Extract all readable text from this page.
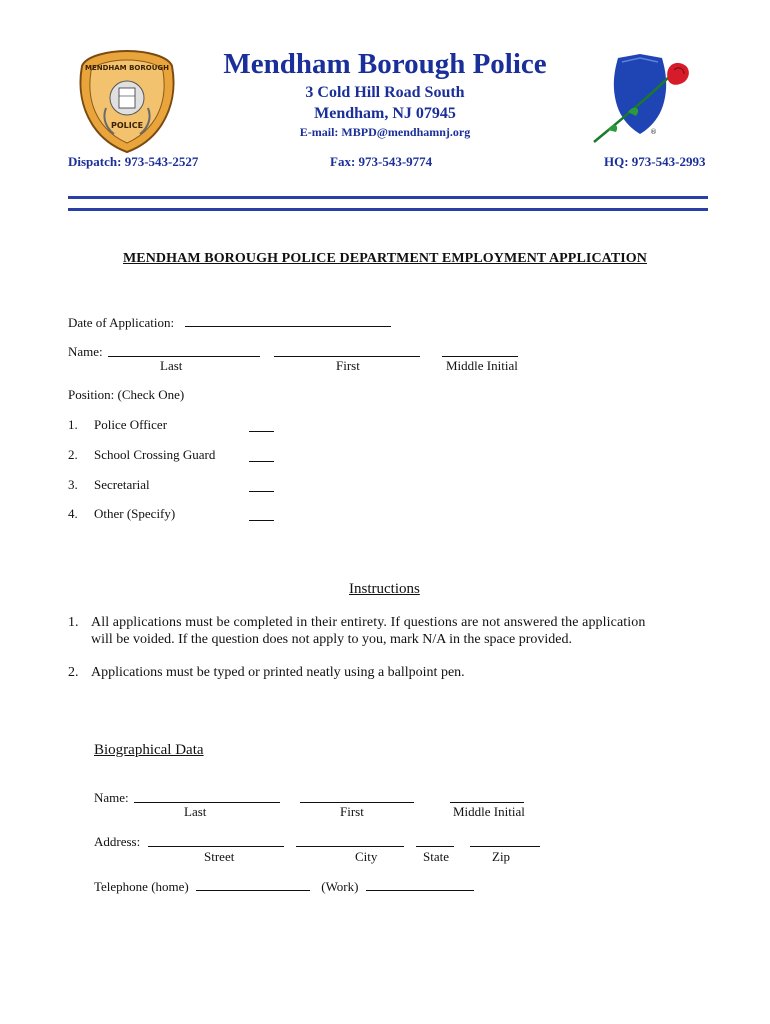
MENDHAM BOROUGH
POLICE
®
Mendham Borough Police
3 Cold Hill Road South
Mendham, NJ 07945
E-mail: MBPD@mendhamnj.org
Dispatch: 973-543-2527	Fax: 973-543-9774	HQ: 973-543-2993
MENDHAM BOROUGH POLICE DEPARTMENT EMPLOYMENT APPLICATION
Date of Application:
Name:
Last	First	Middle Initial
Position: (Check One)
1. Police Officer
2. School Crossing Guard
3. Secretarial
4. Other (Specify)
Instructions
1. All applications must be completed in their entirety. If questions are not answered the application
will be voided. If the question does not apply to you, mark N/A in the space provided.
2. Applications must be typed or printed neatly using a ballpoint pen.
Biographical Data
Name:
Last	First	Middle Initial
Address:
Street	City	State	Zip
Telephone (home)	(Work)
